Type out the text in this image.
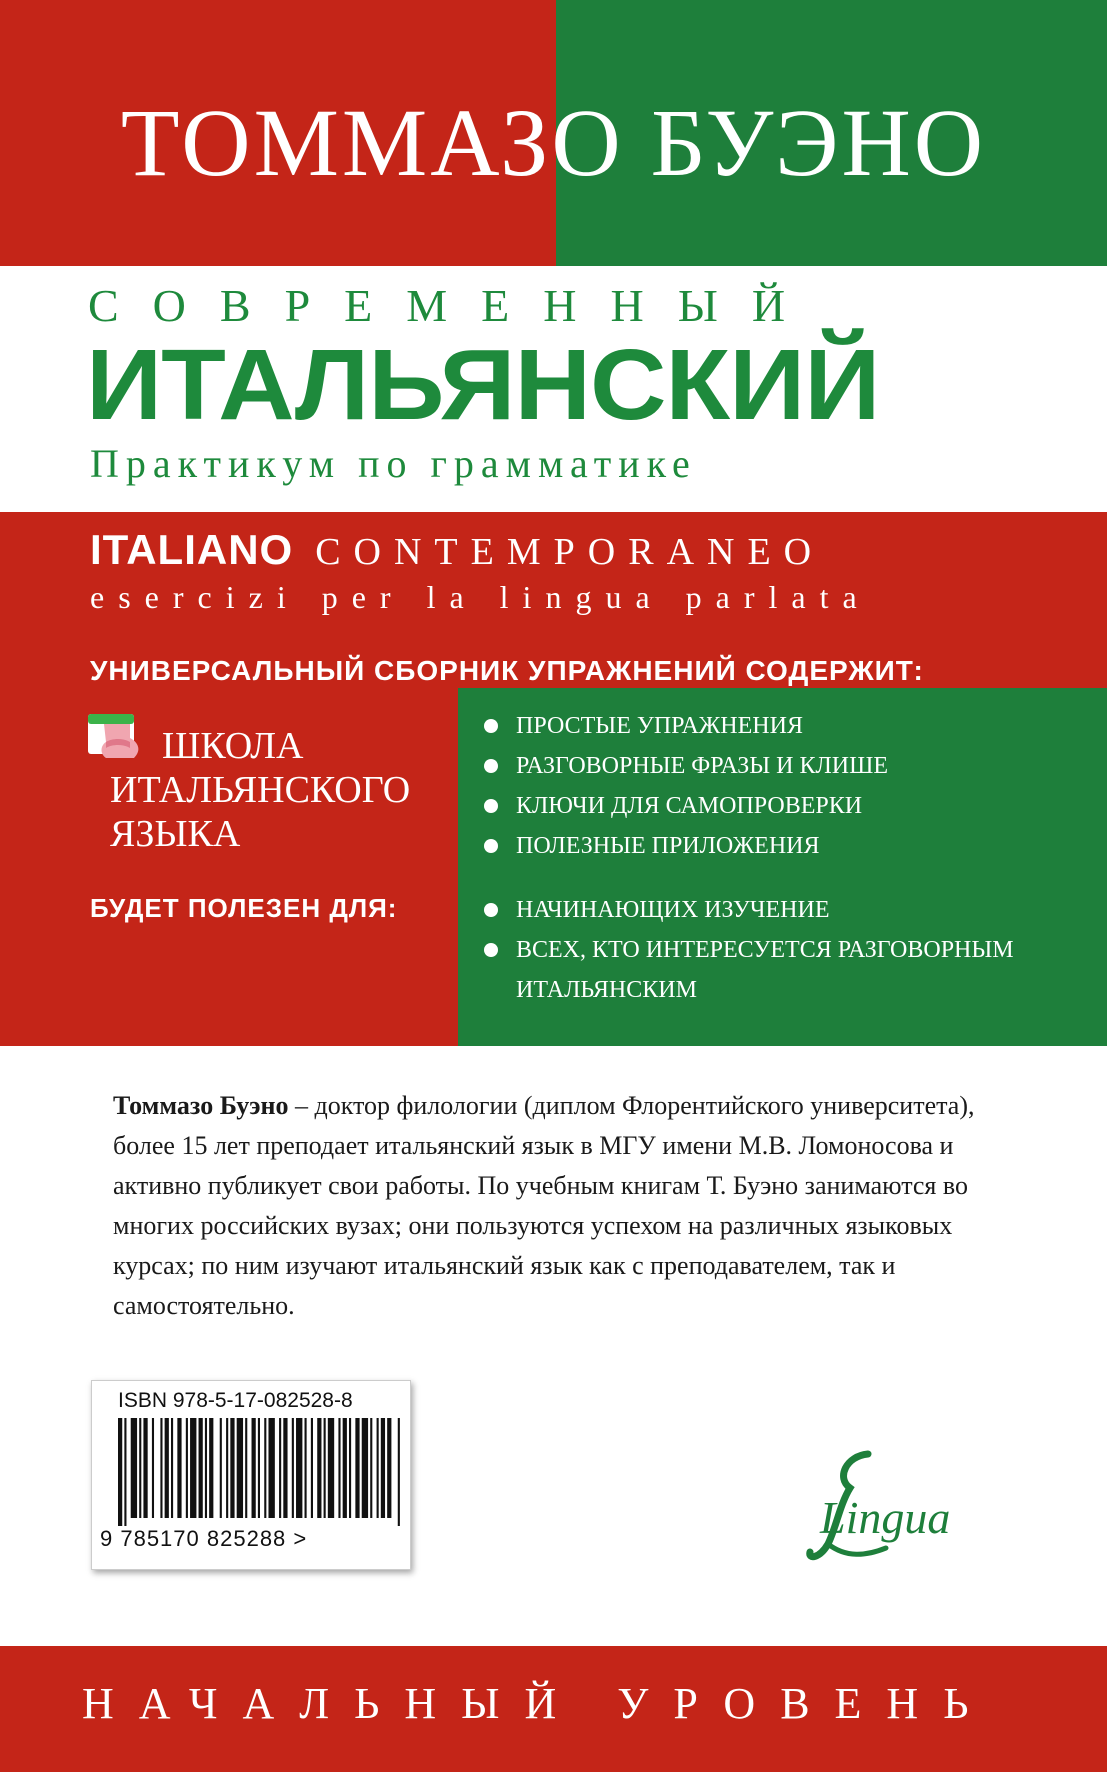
ТОММАЗО БУЭНО
СОВРЕМЕННЫЙ
ИТАЛЬЯНСКИЙ
Практикум по грамматике
ITALIANO CONTEMPORANEO
esercizi per la lingua parlata
УНИВЕРСАЛЬНЫЙ СБОРНИК УПРАЖНЕНИЙ СОДЕРЖИТ:
ШКОЛА
ИТАЛЬЯНСКОГО
ЯЗЫКА
ПРОСТЫЕ УПРАЖНЕНИЯ
РАЗГОВОРНЫЕ ФРАЗЫ И КЛИШЕ
КЛЮЧИ ДЛЯ САМОПРОВЕРКИ
ПОЛЕЗНЫЕ ПРИЛОЖЕНИЯ
БУДЕТ ПОЛЕЗЕН ДЛЯ:	НАЧИНАЮЩИХ ИЗУЧЕНИЕ
ВСЕХ, КТО ИНТЕРЕСУЕТСЯ РАЗГОВОРНЫМ
ИТАЛЬЯНСКИМ
Томмазо Буэно – доктор филологии (диплом Флорентийского университета), более 15 лет преподает итальянский язык в МГУ имени М.В. Ломоносова и активно публикует свои работы. По учебным книгам Т. Буэно занимаются во многих российских вузах; они пользуются успехом на различных языковых курсах; по ним изучают итальянский язык как с преподавателем, так и самостоятельно.
ISBN 978-5-17-082528-8
9 785170 825288 >	Lingua
НАЧАЛЬНЫЙ УРОВЕНЬ
